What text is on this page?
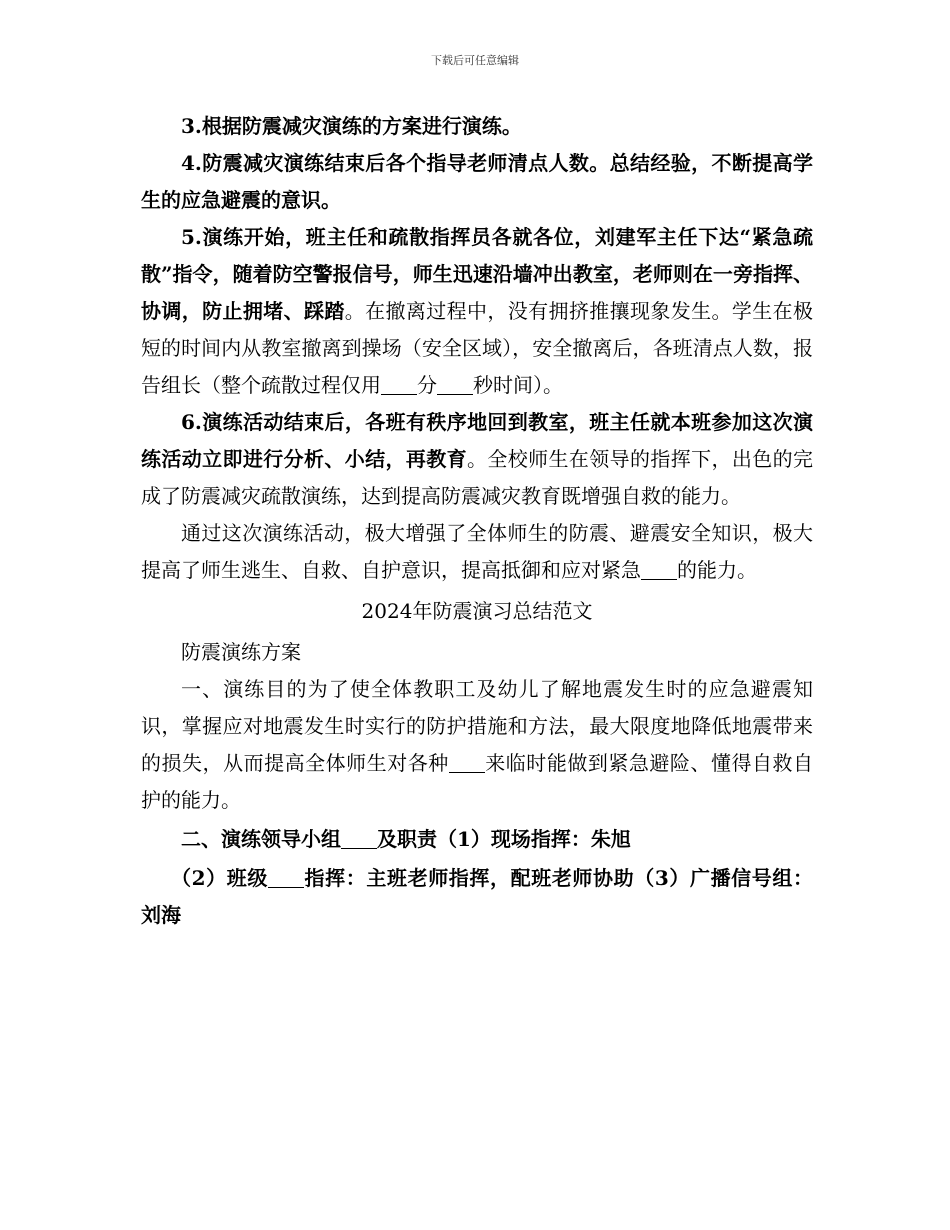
下载后可任意编辑

3.根据防震减灾演练的方案进行演练。

4.防震减灾演练结束后各个指导老师清点人数。总结经验，不断提高学生的应急避震的意识。

5.演练开始，班主任和疏散指挥员各就各位，刘建军主任下达“紧急疏散”指令，随着防空警报信号，师生迅速沿墙冲出教室，老师则在一旁指挥、协调，防止拥堵、踩踏。在撤离过程中，没有拥挤推攘现象发生。学生在极短的时间内从教室撤离到操场（安全区域），安全撤离后，各班清点人数，报告组长（整个疏散过程仅用 分 秒时间）。

6.演练活动结束后，各班有秩序地回到教室，班主任就本班参加这次演练活动立即进行分析、小结，再教育。全校师生在领导的指挥下，出色的完成了防震减灾疏散演练，达到提高防震减灾教育既增强自救的能力。

通过这次演练活动，极大增强了全体师生的防震、避震安全知识，极大提高了师生逃生、自救、自护意识，提高抵御和应对紧急 的能力。

2024年防震演习总结范文

防震演练方案

一、演练目的为了使全体教职工及幼儿了解地震发生时的应急避震知识，掌握应对地震发生时实行的防护措施和方法，最大限度地降低地震带来的损失，从而提高全体师生对各种 来临时能做到紧急避险、懂得自救自护的能力。

二、演练领导小组 及职责（1）现场指挥：朱旭

（2）班级 指挥：主班老师指挥，配班老师协助（3）广播信号组：刘海
